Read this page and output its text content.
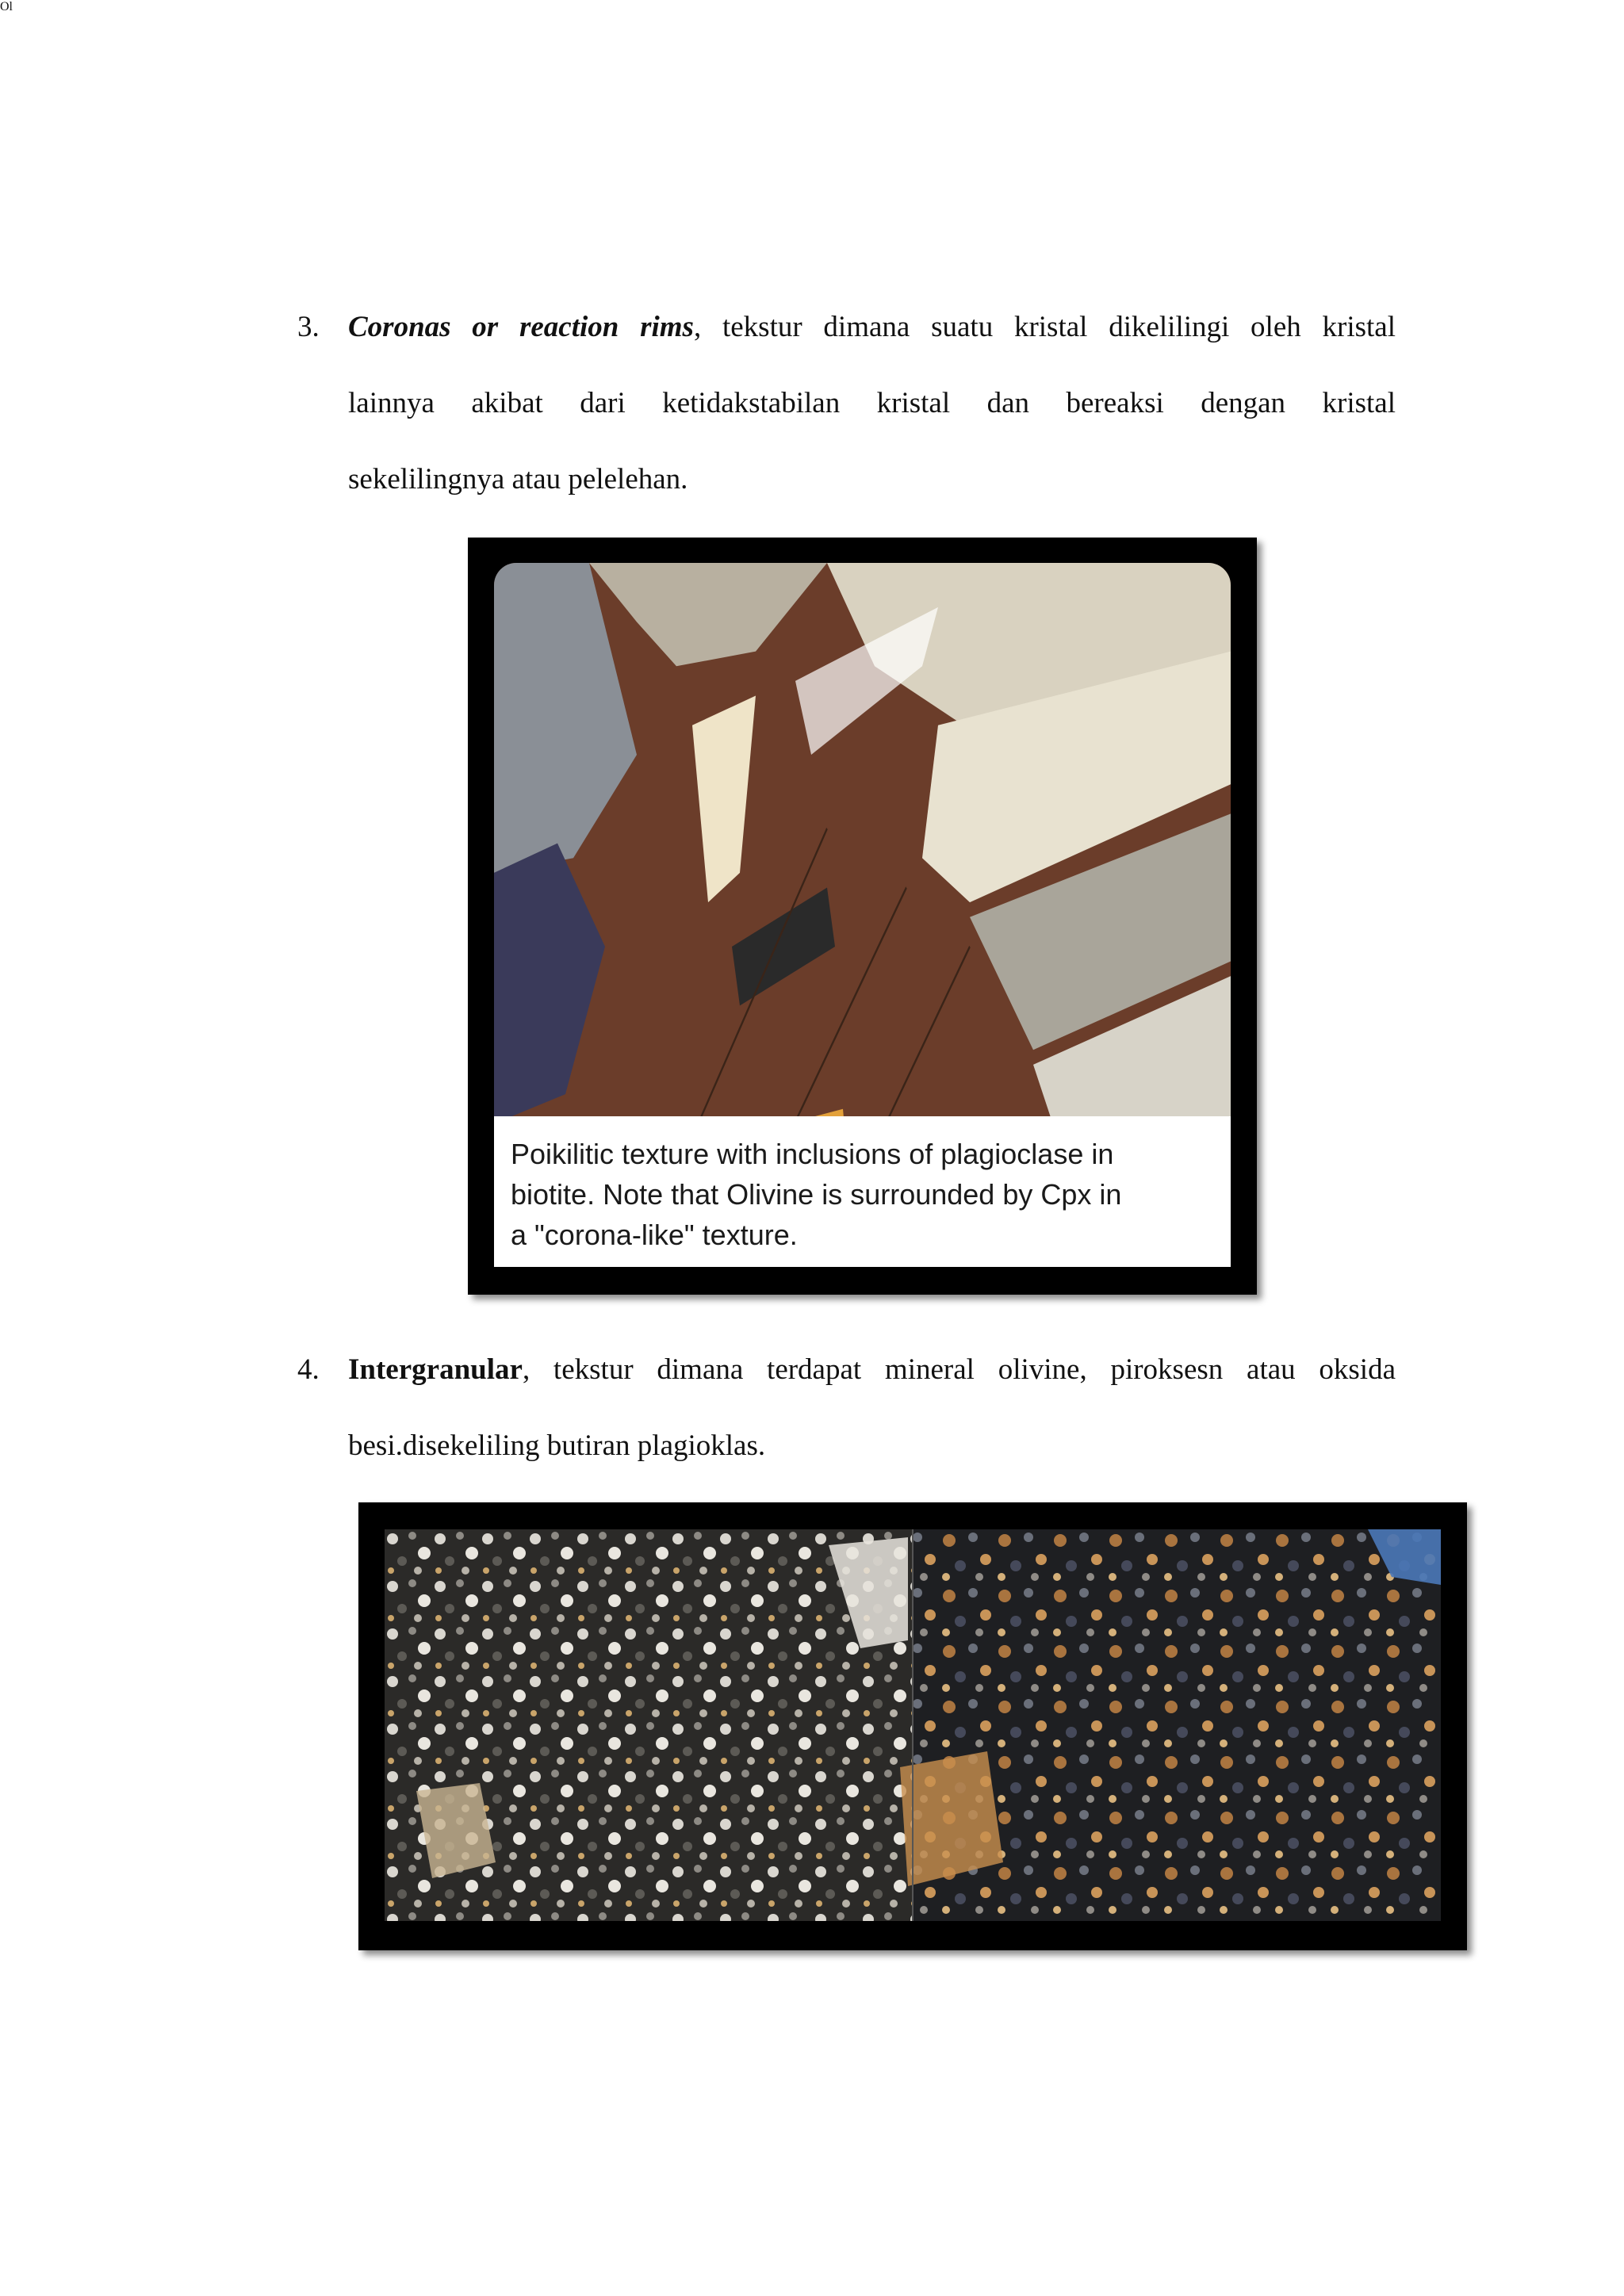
3. Coronas or reaction rims, tekstur dimana suatu kristal dikelilingi oleh kristal
lainnya akibat dari ketidakstabilan kristal dan bereaksi dengan kristal
sekelilingnya atau pelelehan.
Poikilitic texture with inclusions of plagioclase in
biotite. Note that Olivine is surrounded by Cpx in
a "corona-like" texture.
4. Intergranular, tekstur dimana terdapat mineral olivine, piroksesn atau oksida
besi.disekeliling butiran plagioklas.
Ol
